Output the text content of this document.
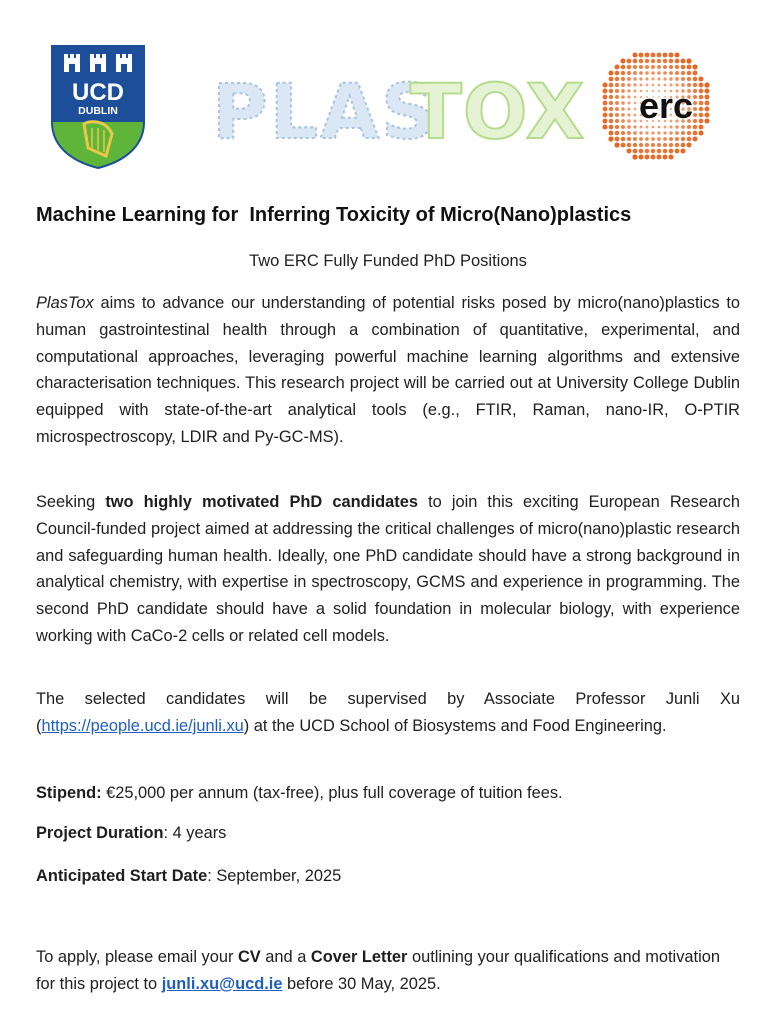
UCD
DUBLIN PLAS
TOX erc
Machine Learning for  Inferring Toxicity of Micro(Nano)plastics

Two ERC Fully Funded PhD Positions

PlasTox aims to advance our understanding of potential risks posed by micro(nano)plastics to human gastrointestinal health through a combination of quantitative, experimental, and computational approaches, leveraging powerful machine learning algorithms and extensive characterisation techniques. This research project will be carried out at University College Dublin equipped with state-of-the-art analytical tools (e.g., FTIR, Raman, nano-IR, O-PTIR microspectroscopy, LDIR and Py-GC-MS).

Seeking two highly motivated PhD candidates to join this exciting European Research Council-funded project aimed at addressing the critical challenges of micro(nano)plastic research and safeguarding human health. Ideally, one PhD candidate should have a strong background in analytical chemistry, with expertise in spectroscopy, GCMS and experience in programming. The second PhD candidate should have a solid foundation in molecular biology, with experience working with CaCo-2 cells or related cell models.

The selected candidates will be supervised by Associate Professor Junli Xu (https://people.ucd.ie/junli.xu) at the UCD School of Biosystems and Food Engineering.

Stipend: €25,000 per annum (tax-free), plus full coverage of tuition fees.

Project Duration: 4 years

Anticipated Start Date: September, 2025

To apply, please email your CV and a Cover Letter outlining your qualifications and motivation for this project to junli.xu@ucd.ie before 30 May, 2025.
